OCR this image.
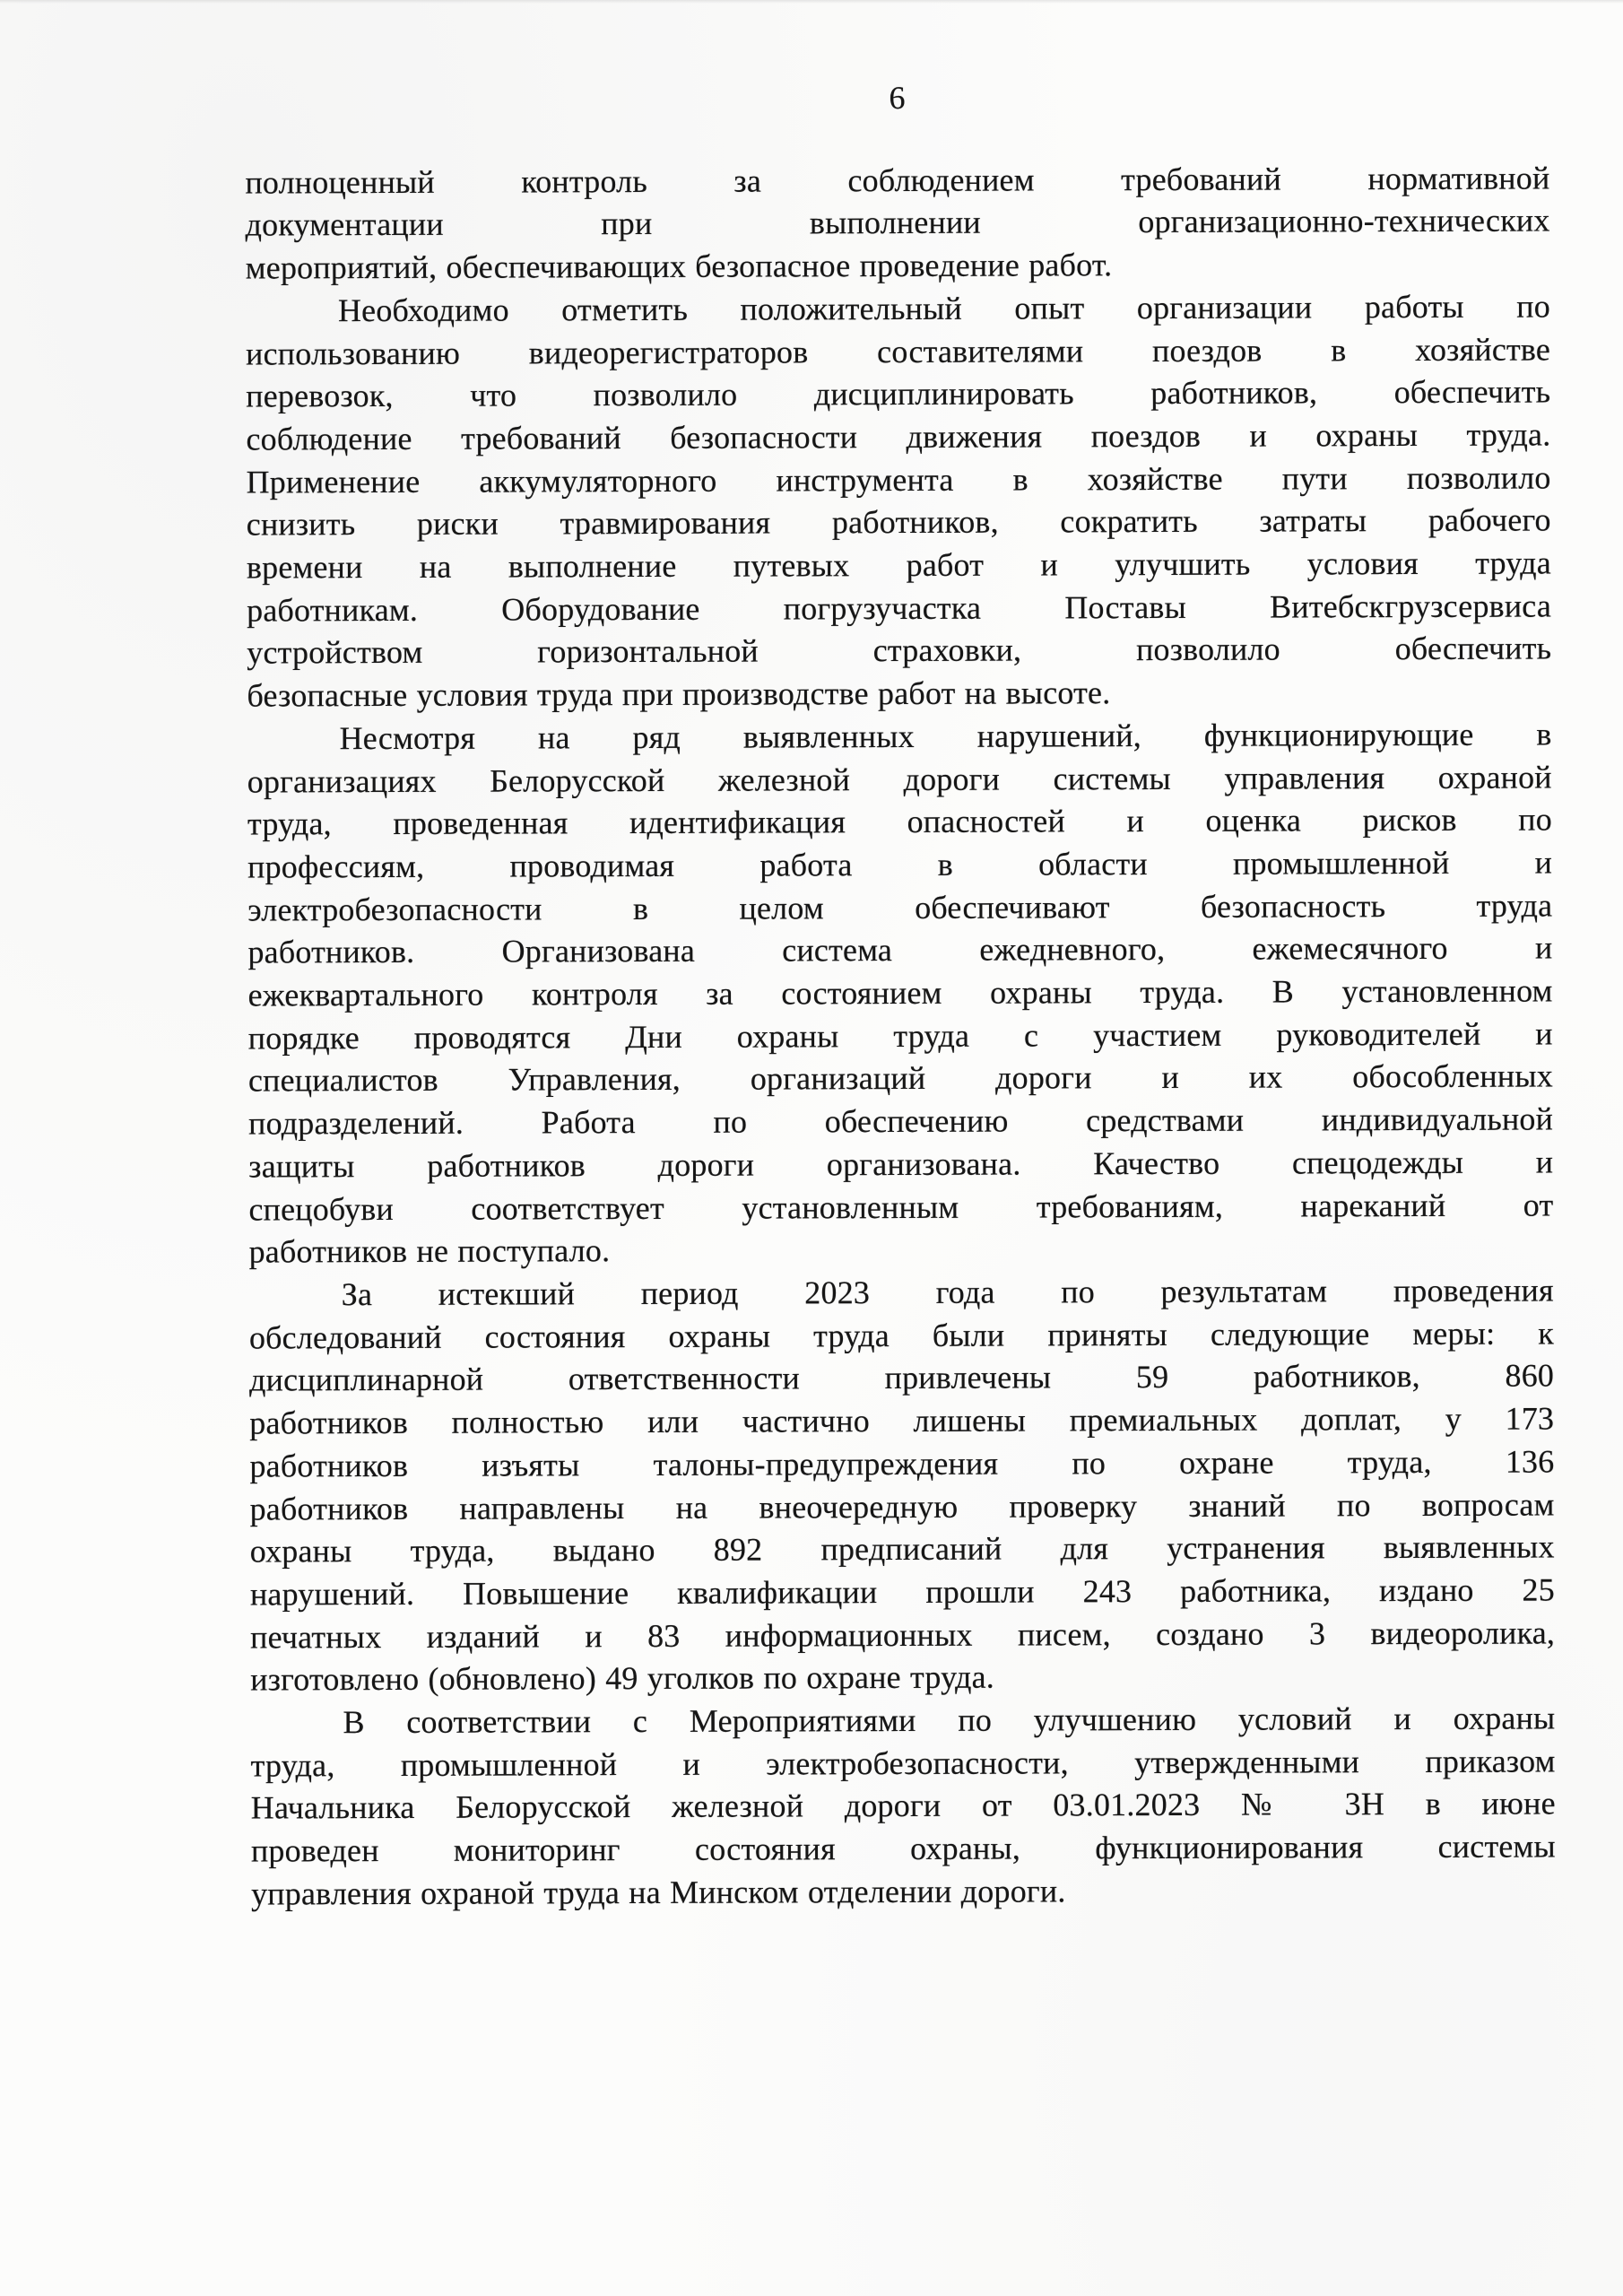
6
полноценный контроль за соблюдением требований нормативной
документации при выполнении организационно-технических
мероприятий, обеспечивающих безопасное проведение работ.
Необходимо отметить положительный опыт организации работы по
использованию видеорегистраторов составителями поездов в хозяйстве
перевозок, что позволило дисциплинировать работников, обеспечить
соблюдение требований безопасности движения поездов и охраны труда.
Применение аккумуляторного инструмента в хозяйстве пути позволило
снизить риски травмирования работников, сократить затраты рабочего
времени на выполнение путевых работ и улучшить условия труда
работникам. Оборудование погрузучастка Поставы Витебскгрузсервиса
устройством горизонтальной страховки, позволило обеспечить
безопасные условия труда при производстве работ на высоте.
Несмотря на ряд выявленных нарушений, функционирующие в
организациях Белорусской железной дороги системы управления охраной
труда, проведенная идентификация опасностей и оценка рисков по
профессиям, проводимая работа в области промышленной и
электробезопасности в целом обеспечивают безопасность труда
работников. Организована система ежедневного, ежемесячного и
ежеквартального контроля за состоянием охраны труда. В установленном
порядке проводятся Дни охраны труда с участием руководителей и
специалистов Управления, организаций дороги и их обособленных
подразделений. Работа по обеспечению средствами индивидуальной
защиты работников дороги организована. Качество спецодежды и
спецобуви соответствует установленным требованиям, нареканий от
работников не поступало.
За истекший период 2023 года по результатам проведения
обследований состояния охраны труда были приняты следующие меры: к
дисциплинарной ответственности привлечены 59 работников, 860
работников полностью или частично лишены премиальных доплат, у 173
работников изъяты талоны-предупреждения по охране труда, 136
работников направлены на внеочередную проверку знаний по вопросам
охраны труда, выдано 892 предписаний для устранения выявленных
нарушений. Повышение квалификации прошли 243 работника, издано 25
печатных изданий и 83 информационных писем, создано 3 видеоролика,
изготовлено (обновлено) 49 уголков по охране труда.
В соответствии с Мероприятиями по улучшению условий и охраны
труда, промышленной и электробезопасности, утвержденными приказом
Начальника Белорусской железной дороги от 03.01.2023 № 3Н в июне
проведен мониторинг состояния охраны, функционирования системы
управления охраной труда на Минском отделении дороги.
